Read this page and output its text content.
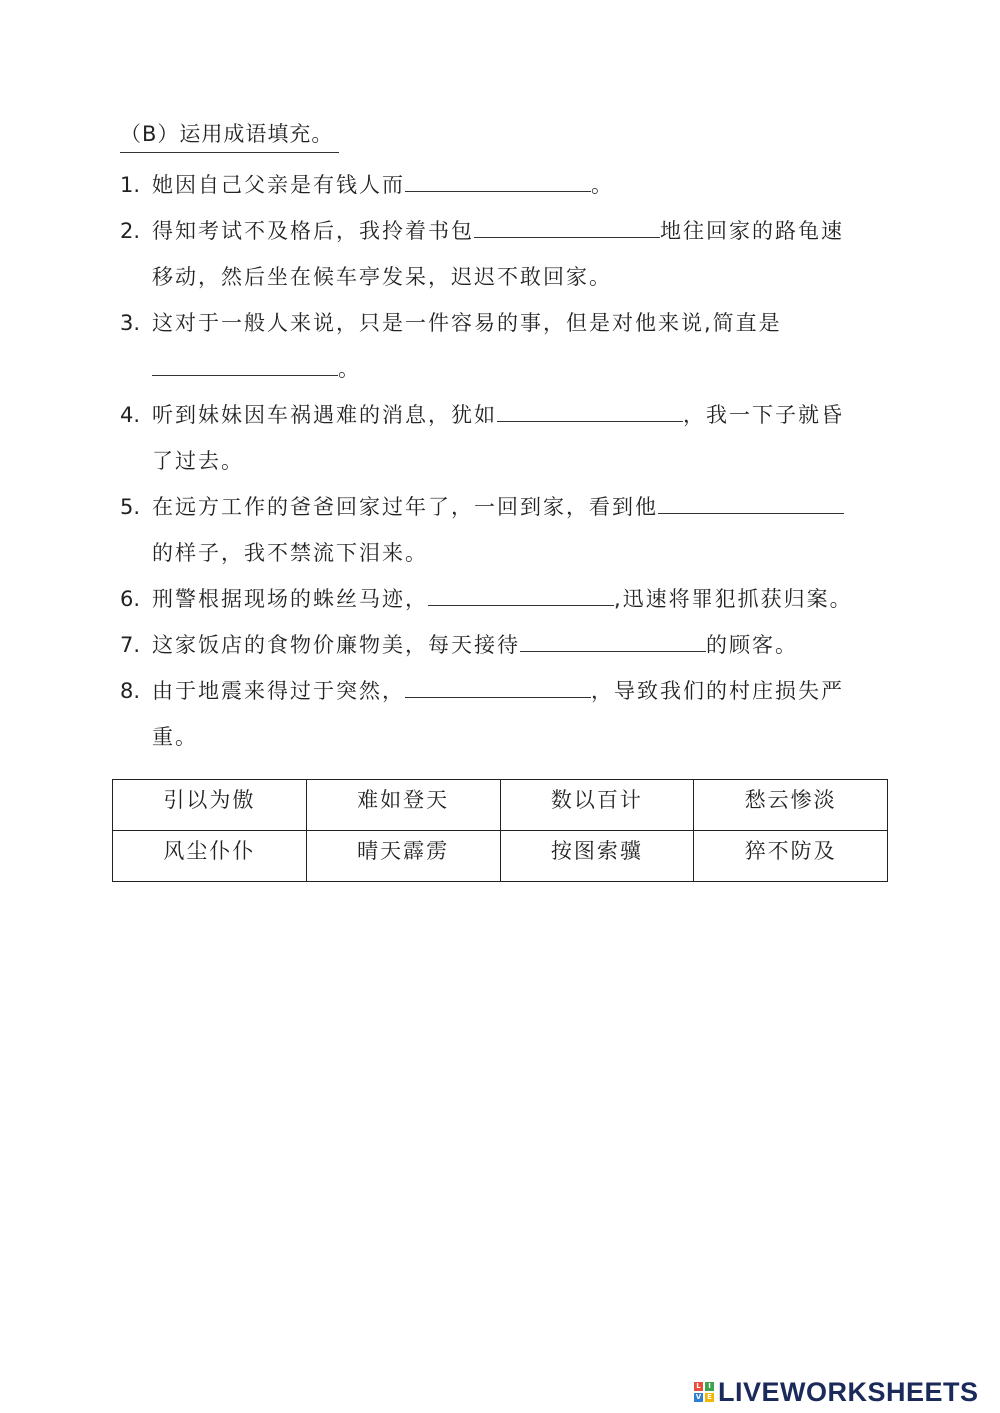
（B）运用成语填充。
1. 她因自己父亲是有钱人而	。
2. 得知考试不及格后，我拎着书包	地往回家的路龟速
移动，然后坐在候车亭发呆，迟迟不敢回家。
3. 这对于一般人来说，只是一件容易的事，但是对他来说,简直是
。
4. 听到妹妹因车祸遇难的消息，犹如	，我一下子就昏
了过去。
5. 在远方工作的爸爸回家过年了，一回到家，看到他
的样子，我不禁流下泪来。
6. 刑警根据现场的蛛丝马迹，	,迅速将罪犯抓获归案。
7. 这家饭店的食物价廉物美，每天接待	的顾客。
8. 由于地震来得过于突然，	，导致我们的村庄损失严
重。
引以为傲	难如登天	数以百计	愁云惨淡
风尘仆仆	晴天霹雳	按图索骥	猝不防及
L	I
V E LIVEWORKSHEETS
